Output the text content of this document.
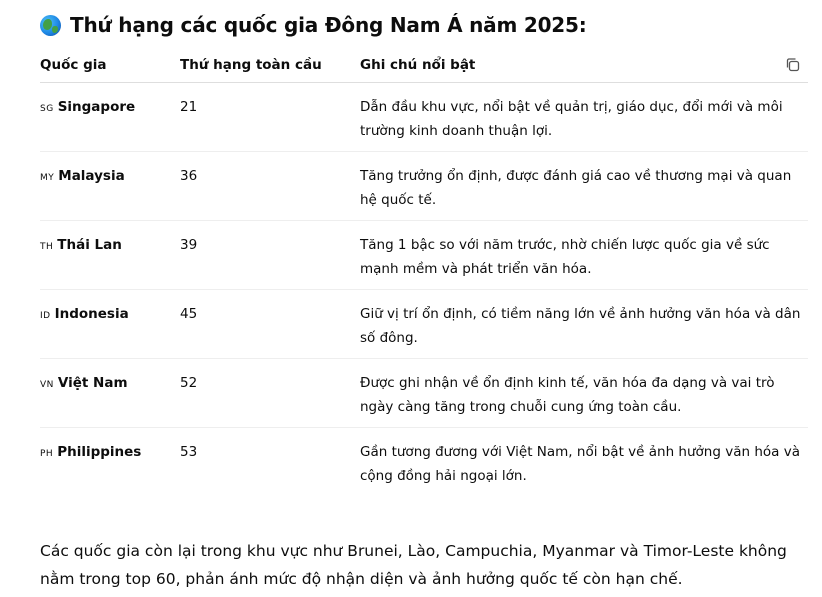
Thứ hạng các quốc gia Đông Nam Á năm 2025:
Quốc gia	Thứ hạng toàn cầu	Ghi chú nổi bật

SG Singapore	21	Dẫn đầu khu vực, nổi bật về quản trị, giáo dục, đổi mới và môi trường kinh doanh thuận lợi.

MY Malaysia	36	Tăng trưởng ổn định, được đánh giá cao về thương mại và quan hệ quốc tế.

TH Thái Lan	39	Tăng 1 bậc so với năm trước, nhờ chiến lược quốc gia về sức mạnh mềm và phát triển văn hóa.

ID Indonesia	45	Giữ vị trí ổn định, có tiềm năng lớn về ảnh hưởng văn hóa và dân số đông.

VN Việt Nam	52	Được ghi nhận về ổn định kinh tế, văn hóa đa dạng và vai trò ngày càng tăng trong chuỗi cung ứng toàn cầu.

PH Philippines	53	Gần tương đương với Việt Nam, nổi bật về ảnh hưởng văn hóa và cộng đồng hải ngoại lớn.

Các quốc gia còn lại trong khu vực như Brunei, Lào, Campuchia, Myanmar và Timor-Leste không nằm trong top 60, phản ánh mức độ nhận diện và ảnh hưởng quốc tế còn hạn chế.
